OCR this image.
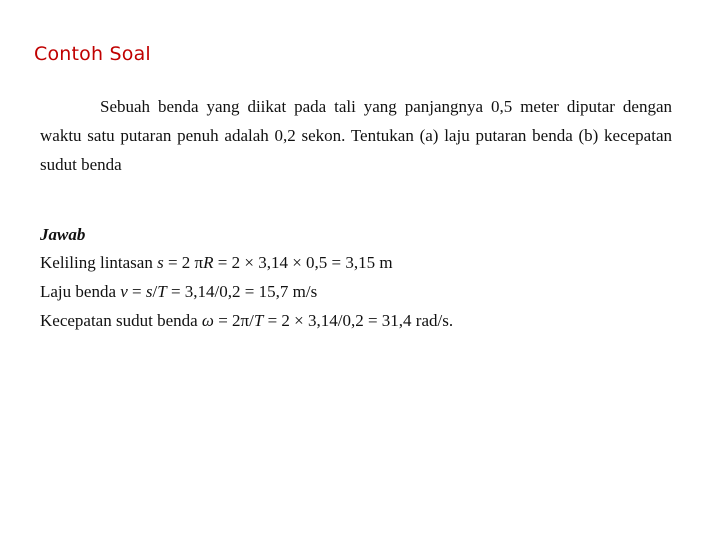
Contoh Soal

Sebuah benda yang diikat pada tali yang panjangnya 0,5 meter diputar dengan waktu satu putaran penuh adalah 0,2 sekon. Tentukan (a) laju putaran benda (b) kecepatan sudut benda

Jawab
Keliling lintasan s = 2 πR = 2 × 3,14 × 0,5 = 3,15 m
Laju benda v = s/T = 3,14/0,2 = 15,7 m/s
Kecepatan sudut benda ω = 2π/T = 2 × 3,14/0,2 = 31,4 rad/s.
